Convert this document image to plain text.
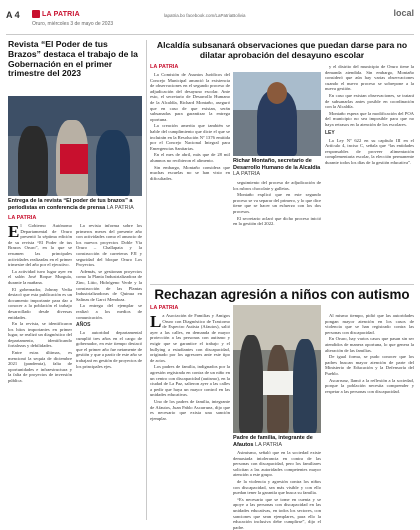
A 4	LA PATRIA
Oruro, miércoles 3 de mayo de 2023
lapatria.bo facebook.com/LaPatriaBolivia	local
Revista “El Poder de tus Brazos” destaca el trabajo de la Gobernación en el primer trimestre del 2023
Entrega de la revista “El poder de tus brazos” a periodistas en conferencia de prensa LA PATRIA
LA PATRIA
E l Gobierno Autónomo Departamental de Oruro presentó la séptima edición de su revista “El Poder de tus Brazos Oruro”, en la que se resumen las principales actividades realizadas en el primer trimestre del año por el ejecutivo.

La actividad tuvo lugar ayer en el salón José Roque Murguía, durante la mañana.

El gobernador, Johnny Vedia destacó que esta publicación es un documento importante para dar a conocer a la población el trabajo desarrollado desde diversas entidades.

En la revista, se identificaron los hitos importantes en primer lugar, se realizó un diagnóstico del departamento, identificando fortalezas y debilidades.

Entre estas últimas, es mencionó la sequía de diciembre 2021 (pandemia), falta de oportunidades e infraestructura y la falta de proyectos de inversión pública.

La revista informa sobre los primeros meses del presente año con actividades como el anuncio de los nuevos proyectos Doble Vía Oruro – Challapata y la construcción de carreteras FJI y seguridad del bloque Oruro Los Proyectos.

Además, se gestionan proyectos como la Planta Industrializadora de Zinc, Litio, Hidrógeno Verde y la construcción de las Plantas Industrializadoras de Quinua en Salinas de Garci Mendoza.

La entrega del ejemplar se realizó a los medios de comunicación.

AÑOS

La autoridad departamental cumplió tres años en el cargo de gobernador, en este tiempo destacó que el primer año fue netamente de gestión y que a partir de este año se trabajará en gestión de proyectos de los principales ejes.

Alcaldía subsanará observaciones que puedan darse para no dilatar aprobación del desayuno escolar
LA PATRIA

La Comisión de Asuntos Jurídicos del Concejo Municipal anunció la existencia de observaciones en el segundo proceso de adjudicación del desayuno escolar. Ante esto, el secretario de Desarrollo Humano de la Alcaldía, Richard Montaño, aseguró que en caso de que existan, serán subsanadas para garantizar la entrega oportuna.

La creación amerita que también se hable del cumplimiento que dicte el que se incluirán en la Resolución Nº 1376 emitida por el Concejo Nacional Integral para Emergencias Sanitarias.

En el mes de abril, más que de 28 mil alumnos no recibieron el alimento.

Sin embargo, Montaño considera que muchas escuelas no se han visto en dificultades.

Richar Montaño, secretario de Desarrollo Humano de la Alcaldía LA PATRIA

seguimiento del proceso de adjudicación de los rubros chocolate y galletas.

Montaño explicó que en este segundo proceso se va separar del primero, y lo que dice tiene que se hacer un esfuerzo con los dos procesos.

El secretario aclaró que dicho proceso inició en la gestión del 2022.

y el distrito del municipio de Oruro tiene la demanda atendida. Sin embargo, Montaño consideró que aún hay varias observaciones cuando el nuevo proceso se sobrepone a la nueva gestión.

En caso que existan observaciones, se tratará de subsanarlas antes posible en coordinación con la Alcaldía.

Montaño espera que la modificación del POA del municipio no sea imposible para que no haya retrasos en la atención de los escolares.

LEY

La Ley Nº 622 en su capítulo III en el Artículo 4, inciso C, señala que “las entidades responsables de proveer alimentación complementaria escolar, la elección permanente durante todos los días de la gestión educativa”.

Rechazan agresión a niños con autismo
LA PATRIA
L a Asociación de Familias y Amigos Oruro con Diagnóstico de Trastorno de Espectro Autista (Afautos), salió ayer a las calles, en demanda de mayor protección a las personas con autismo y exigir que se garantice el trabajo y el bullying a estudiantes con discapacidad, originado por los agresores ante este tipo de actos.

Los padres de familia, indignados por la agresión registrada en contra de un niño en un centro con discapacidad (autismo), en la ciudad de La Paz, salieron ayer a las calles a pedir que haya un mayor control en las unidades educativas.

Uno de los padres de familia, integrante de Afautos, Juan Pablo Ascarrunz, dijo que es necesario que exista una sanción ejemplar.

Padre de familia, integrante de Afautos LA PATRIA

Asimismo, señaló que en la sociedad existe demasiada intolerancia en contra de las personas con discapacidad, pero los familiares solicitan a las autoridades competentes mayor atención a este grupo.

de la violencia y agresión contra los niños con discapacidad, sea más visible y con ello puedan tener la garantía que busca su familia.

“Es necesario que se tome en cuenta y se apoye a las personas con discapacidad en las unidades educativas, en todos los sectores, con sanciones que sean ejemplares, para ello la educación inclusiva debe cumplirse”, dijo el padre.

Al mismo tiempo, pidió que las autoridades pongan mayor atención en los casos de violencia que se han registrado contra las personas con discapacidad.

En Oruro, hay varios casos que pasan sin ser atendidos de manera oportuna, lo que genera la alteración de las familias.

De igual forma, se pudo conocer que los padres buscan mayor atención de parte del Ministerio de Educación y la Defensoría del Pueblo.

Ascarrunz, llamó a la reflexión a la sociedad, porque la población necesita comprender y respetar a las personas con discapacidad.
